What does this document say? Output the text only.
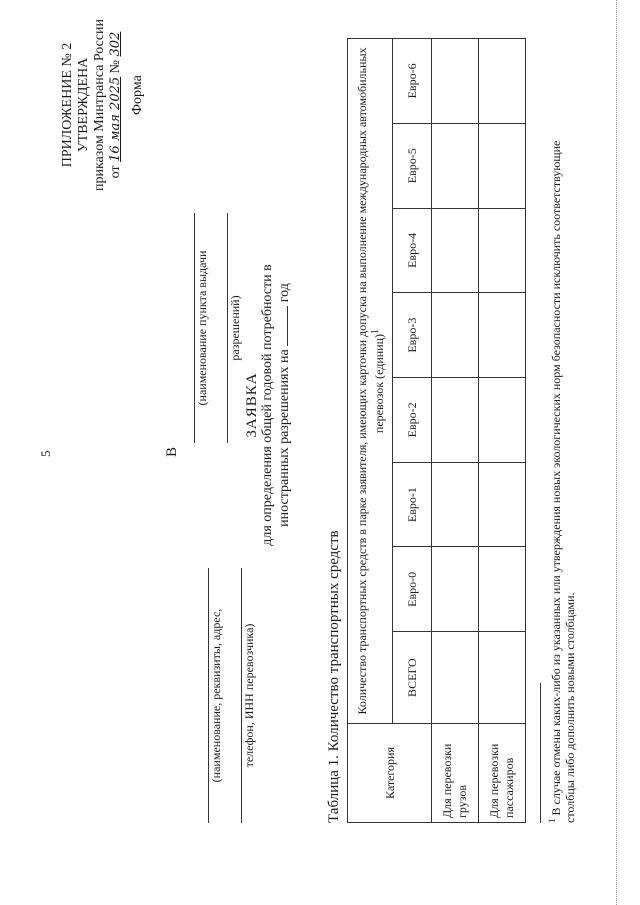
5
ПРИЛОЖЕНИЕ № 2 УТВЕРЖДЕНА приказом Минтранса России от 16 мая 2025 № 302
Форма
(наименование, реквизиты, адрес, телефон, ИНН перевозчика)
В
(наименование пункта выдачи разрешений)
ЗАЯВКА для определения общей годовой потребности в иностранных разрешениях на  год
Таблица 1. Количество транспортных средств	Категория	Количество транспортных средств в парке заявителя, имеющих карточки допуска на выполнение международных автомобильных перевозок (единиц)$^1$
	ВСЕГО	Евро-0	Евро-1	Евро-2	Евро-3	Евро-4	Евро-5	Евро-6
Для перевозки грузов								
Для перевозки пассажиров								
$^1$ В случае отмены каких-либо из указанных или утверждения новых экологических норм безопасности исключить соответствующие столбцы либо дополнить новыми столбцами.
